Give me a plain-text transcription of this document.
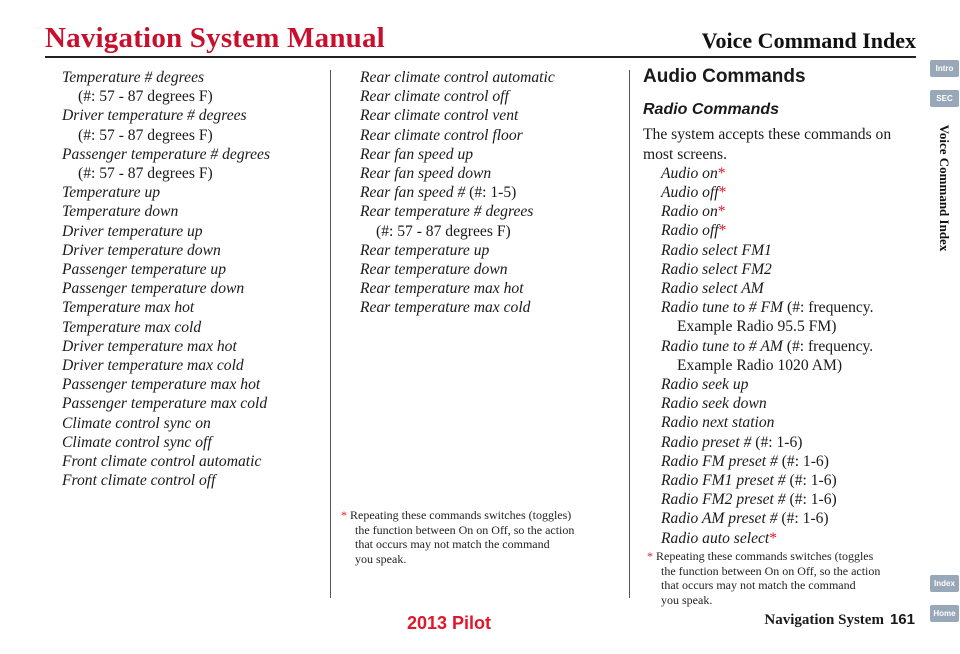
Navigation System Manual	Voice Command Index
Temperature # degrees
(#: 57 - 87 degrees F)
Driver temperature # degrees
(#: 57 - 87 degrees F)
Passenger temperature # degrees
(#: 57 - 87 degrees F)
Temperature up
Temperature down
Driver temperature up
Driver temperature down
Passenger temperature up
Passenger temperature down
Temperature max hot
Temperature max cold
Driver temperature max hot
Driver temperature max cold
Passenger temperature max hot
Passenger temperature max cold
Climate control sync on
Climate control sync off
Front climate control automatic
Front climate control off
Rear climate control automatic
Rear climate control off
Rear climate control vent
Rear climate control floor
Rear fan speed up
Rear fan speed down
Rear fan speed # (#: 1-5)
Rear temperature # degrees
(#: 57 - 87 degrees F)
Rear temperature up
Rear temperature down
Rear temperature max hot
Rear temperature max cold
* Repeating these commands switches (toggles)
the function between On on Off, so the action
that occurs may not match the command
you speak.
Audio Commands
Radio Commands
The system accepts these commands on
most screens.
Audio on*
Audio off*
Radio on*
Radio off*
Radio select FM1
Radio select FM2
Radio select AM
Radio tune to # FM (#: frequency.
Example Radio 95.5 FM)
Radio tune to # AM (#: frequency.
Example Radio 1020 AM)
Radio seek up
Radio seek down
Radio next station
Radio preset # (#: 1-6)
Radio FM preset # (#: 1-6)
Radio FM1 preset # (#: 1-6)
Radio FM2 preset # (#: 1-6)
Radio AM preset # (#: 1-6)
Radio auto select*
* Repeating these commands switches (toggles
the function between On on Off, so the action
that occurs may not match the command
you speak.
Intro
SEC
Voice Command Index
Index
Home
Navigation System 161
2013 Pilot
